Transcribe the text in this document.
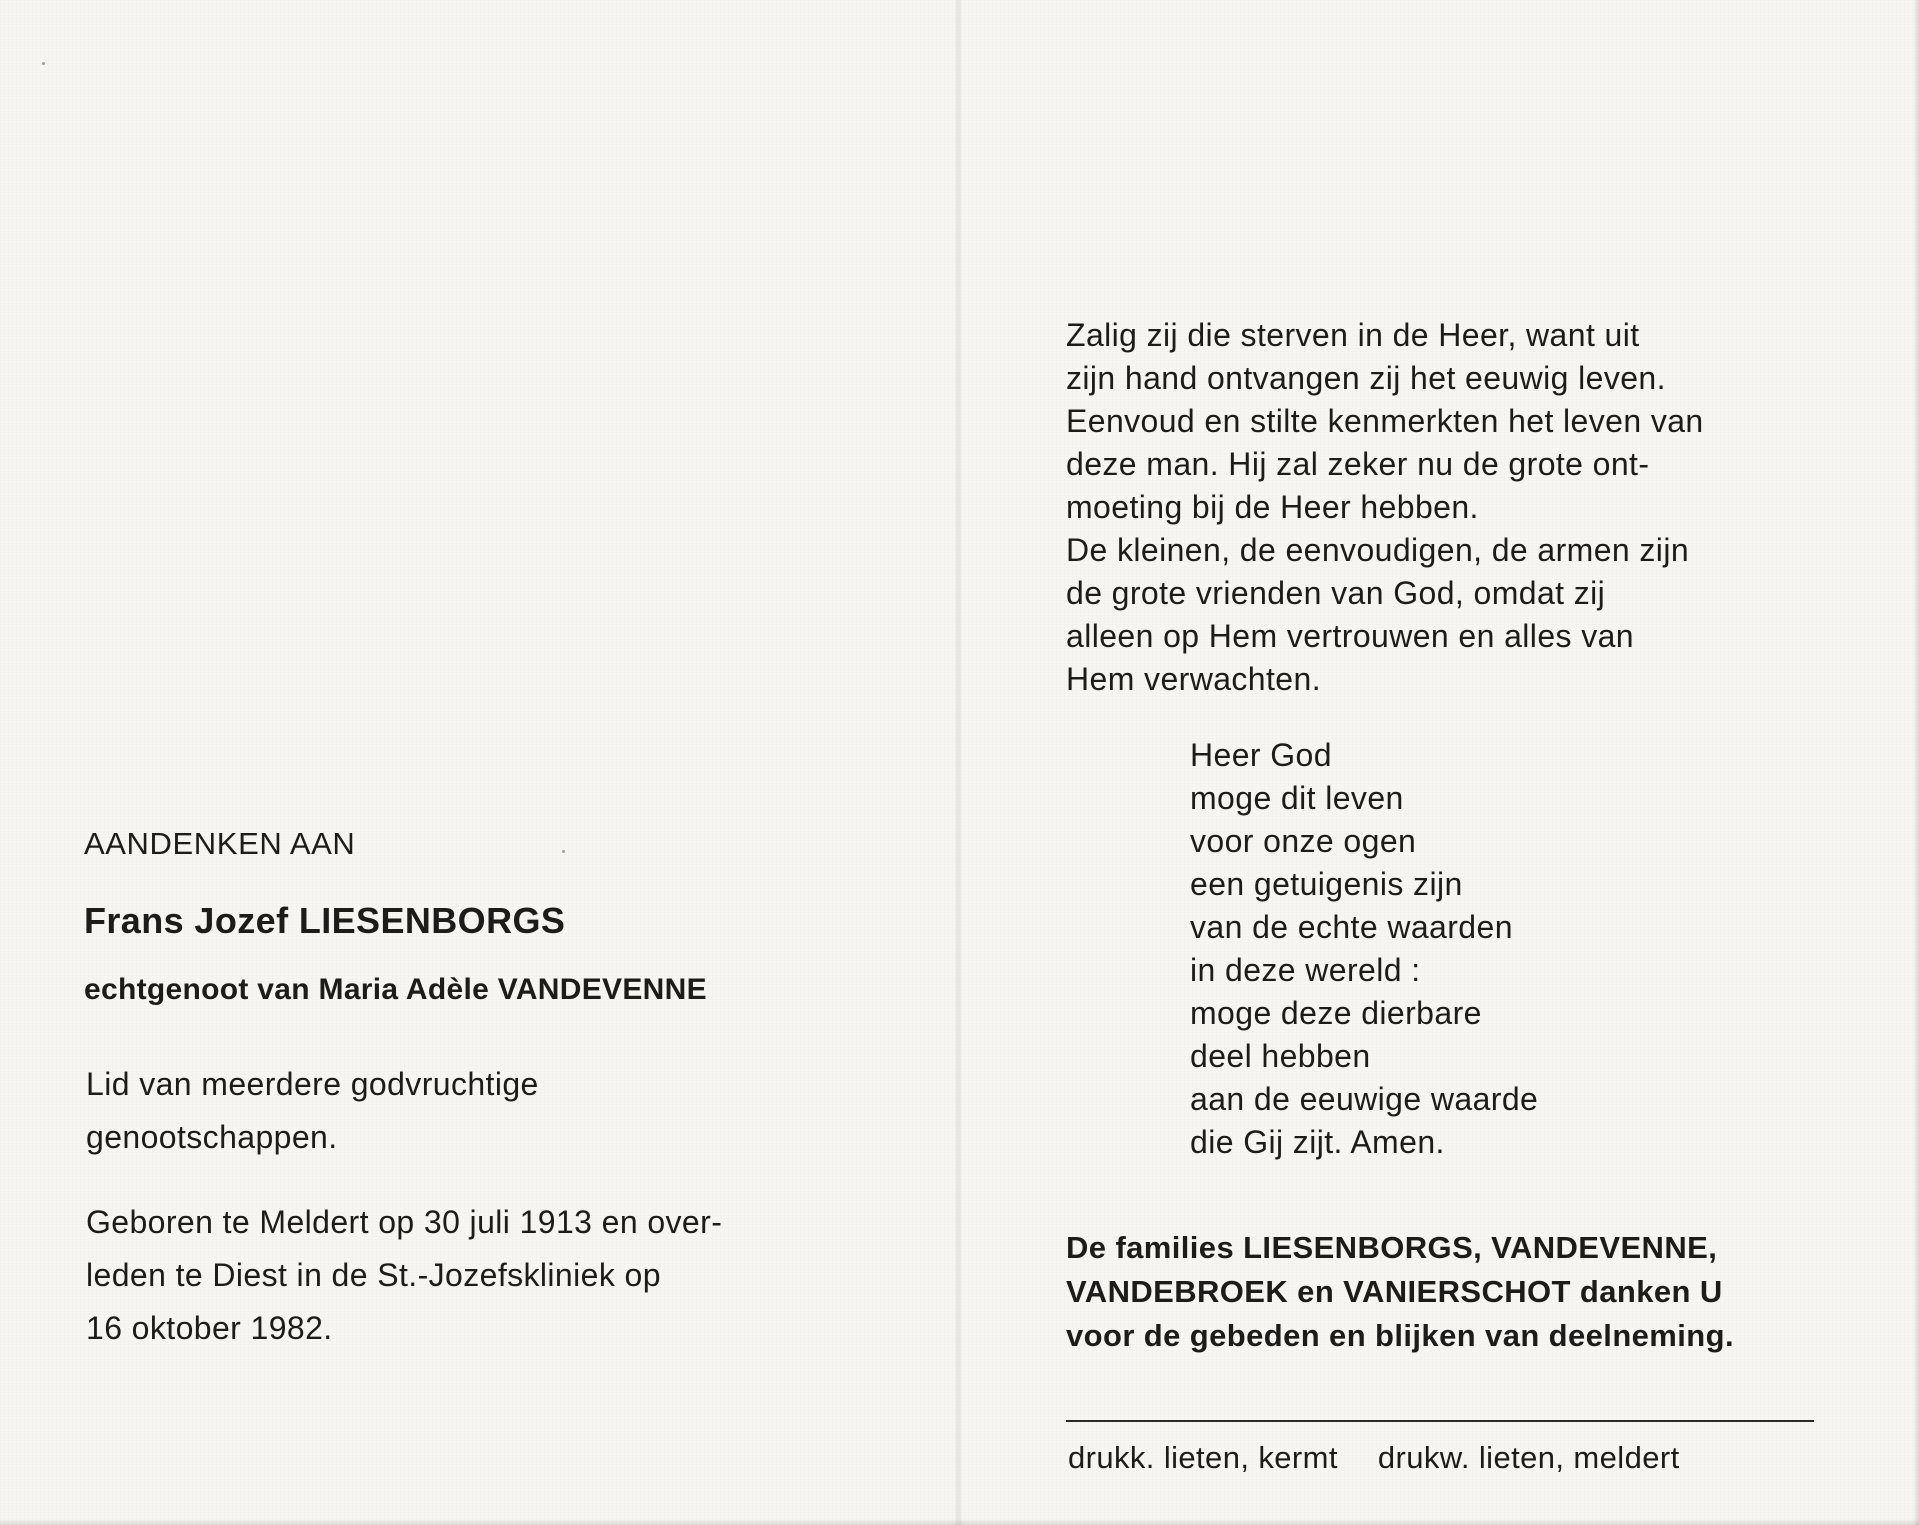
AANDENKEN AAN
Frans Jozef LIESENBORGS
echtgenoot van Maria Adèle VANDEVENNE
Lid van meerdere godvruchtige
genootschappen.
Geboren te Meldert op 30 juli 1913 en over-
leden te Diest in de St.-Jozefskliniek op
16 oktober 1982.
Zalig zij die sterven in de Heer, want uit
zijn hand ontvangen zij het eeuwig leven.
Eenvoud en stilte kenmerkten het leven van
deze man. Hij zal zeker nu de grote ont-
moeting bij de Heer hebben.
De kleinen, de eenvoudigen, de armen zijn
de grote vrienden van God, omdat zij
alleen op Hem vertrouwen en alles van
Hem verwachten.
Heer God
moge dit leven
voor onze ogen
een getuigenis zijn
van de echte waarden
in deze wereld :
moge deze dierbare
deel hebben
aan de eeuwige waarde
die Gij zijt. Amen.
De families LIESENBORGS, VANDEVENNE,
VANDEBROEK en VANIERSCHOT danken U
voor de gebeden en blijken van deelneming.
drukk. lieten, kermt drukw. lieten, meldert
